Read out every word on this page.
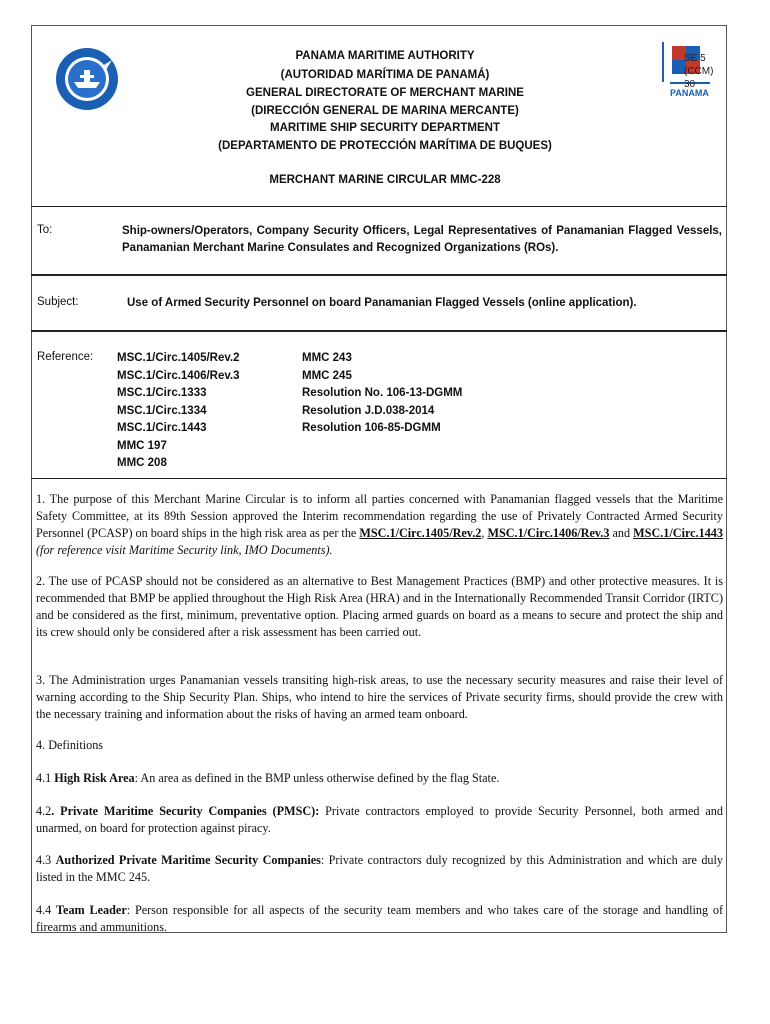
PANAMA
SE 5
(CCM)
30
PANAMA MARITIME AUTHORITY
(AUTORIDAD MARÍTIMA DE PANAMÁ)
GENERAL DIRECTORATE OF MERCHANT MARINE
(DIRECCIÓN GENERAL DE MARINA MERCANTE)
MARITIME SHIP SECURITY DEPARTMENT
(DEPARTAMENTO DE PROTECCIÓN MARÍTIMA DE BUQUES)
MERCHANT MARINE CIRCULAR MMC-228
To:	Ship-owners/Operators, Company Security Officers, Legal Representatives of Panamanian Flagged Vessels, Panamanian Merchant Marine Consulates and Recognized Organizations (ROs).
Subject:	Use of Armed Security Personnel on board Panamanian Flagged Vessels (online application).
Reference: MSC.1/Circ.1405/Rev.2
MSC.1/Circ.1406/Rev.3
MSC.1/Circ.1333
MSC.1/Circ.1334
MSC.1/Circ.1443
MMC 197
MMC 208
MMC 243
MMC 245
Resolution No. 106-13-DGMM
Resolution J.D.038-2014
Resolution 106-85-DGMM
1. The purpose of this Merchant Marine Circular is to inform all parties concerned with Panamanian flagged vessels that the Maritime Safety Committee, at its 89th Session approved the Interim recommendation regarding the use of Privately Contracted Armed Security Personnel (PCASP) on board ships in the high risk area as per the MSC.1/Circ.1405/Rev.2, MSC.1/Circ.1406/Rev.3 and MSC.1/Circ.1443 (for reference visit Maritime Security link, IMO Documents).
2. The use of PCASP should not be considered as an alternative to Best Management Practices (BMP) and other protective measures. It is recommended that BMP be applied throughout the High Risk Area (HRA) and in the Internationally Recommended Transit Corridor (IRTC) and be considered as the first, minimum, preventative option. Placing armed guards on board as a means to secure and protect the ship and its crew should only be considered after a risk assessment has been carried out.
3. The Administration urges Panamanian vessels transiting high-risk areas, to use the necessary security measures and raise their level of warning according to the Ship Security Plan. Ships, who intend to hire the services of Private security firms, should provide the crew with the necessary training and information about the risks of having an armed team onboard.
4. Definitions
4.1 High Risk Area: An area as defined in the BMP unless otherwise defined by the flag State.
4.2. Private Maritime Security Companies (PMSC): Private contractors employed to provide Security Personnel, both armed and unarmed, on board for protection against piracy.
4.3 Authorized Private Maritime Security Companies: Private contractors duly recognized by this Administration and which are duly listed in the MMC 245.
4.4 Team Leader: Person responsible for all aspects of the security team members and who takes care of the storage and handling of firearms and ammunitions.
